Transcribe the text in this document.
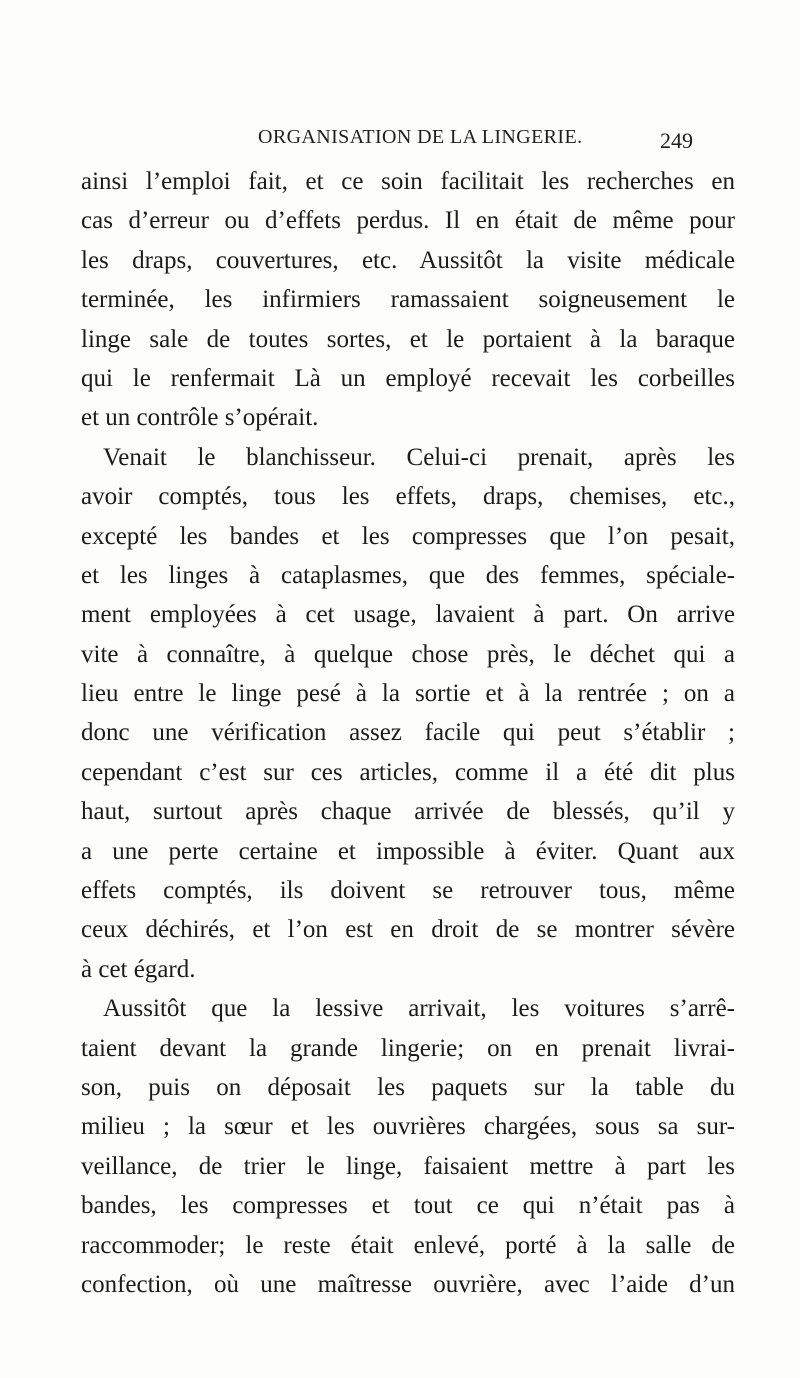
ORGANISATION DE LA LINGERIE.	249
ainsi l’emploi fait, et ce soin facilitait les recherches en
cas d’erreur ou d’effets perdus. Il en était de même pour
les draps, couvertures, etc. Aussitôt la visite médicale
terminée, les infirmiers ramassaient soigneusement le
linge sale de toutes sortes, et le portaient à la baraque
qui le renfermait Là un employé recevait les corbeilles
et un contrôle s’opérait.
Venait le blanchisseur. Celui-ci prenait, après les
avoir comptés, tous les effets, draps, chemises, etc.,
excepté les bandes et les compresses que l’on pesait,
et les linges à cataplasmes, que des femmes, spéciale-
ment employées à cet usage, lavaient à part. On arrive
vite à connaître, à quelque chose près, le déchet qui a
lieu entre le linge pesé à la sortie et à la rentrée ; on a
donc une vérification assez facile qui peut s’établir ;
cependant c’est sur ces articles, comme il a été dit plus
haut, surtout après chaque arrivée de blessés, qu’il y
a une perte certaine et impossible à éviter. Quant aux
effets comptés, ils doivent se retrouver tous, même
ceux déchirés, et l’on est en droit de se montrer sévère
à cet égard.
Aussitôt que la lessive arrivait, les voitures s’arrê-
taient devant la grande lingerie; on en prenait livrai-
son, puis on déposait les paquets sur la table du
milieu ; la sœur et les ouvrières chargées, sous sa sur-
veillance, de trier le linge, faisaient mettre à part les
bandes, les compresses et tout ce qui n’était pas à
raccommoder; le reste était enlevé, porté à la salle de
confection, où une maîtresse ouvrière, avec l’aide d’un
